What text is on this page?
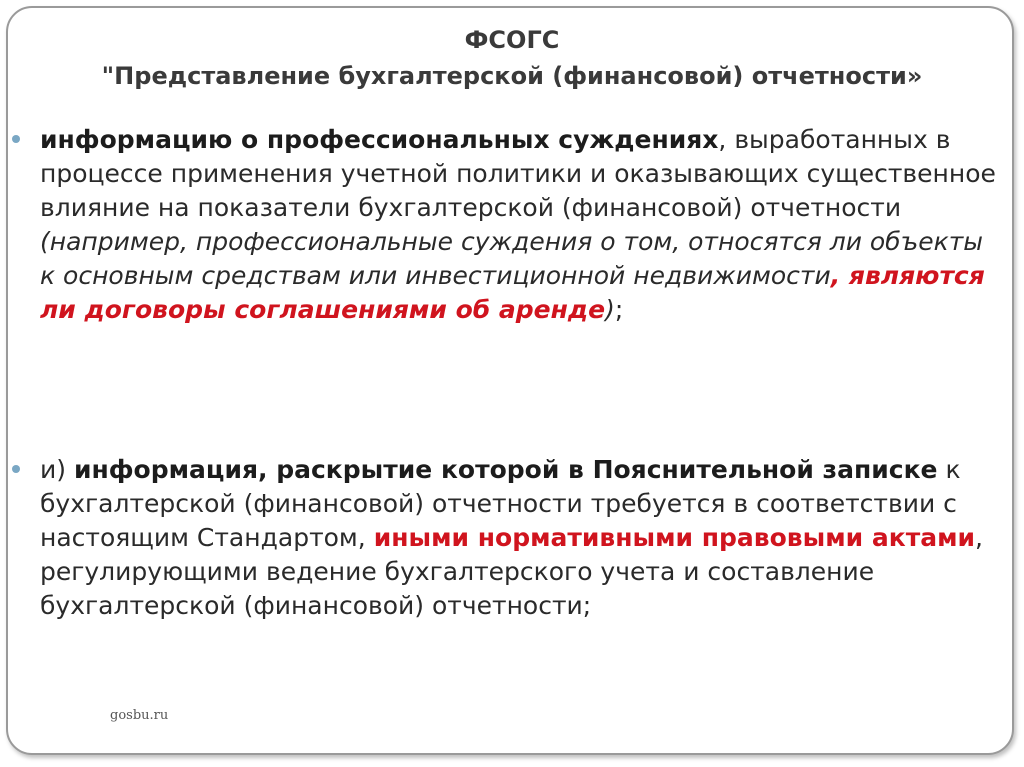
ФСОГС
"Представление бухгалтерской (финансовой) отчетности»
информацию о профессиональных суждениях, выработанных в процессе применения учетной политики и оказывающих существенное влияние на показатели бухгалтерской (финансовой) отчетности (например, профессиональные суждения о том, относятся ли объекты к основным средствам или инвестиционной недвижимости, являются ли договоры соглашениями об аренде);
и) информация, раскрытие которой в Пояснительной записке к бухгалтерской (финансовой) отчетности требуется в соответствии с настоящим Стандартом, иными нормативными правовыми актами, регулирующими ведение бухгалтерского учета и составление бухгалтерской (финансовой) отчетности;
gosbu.ru
